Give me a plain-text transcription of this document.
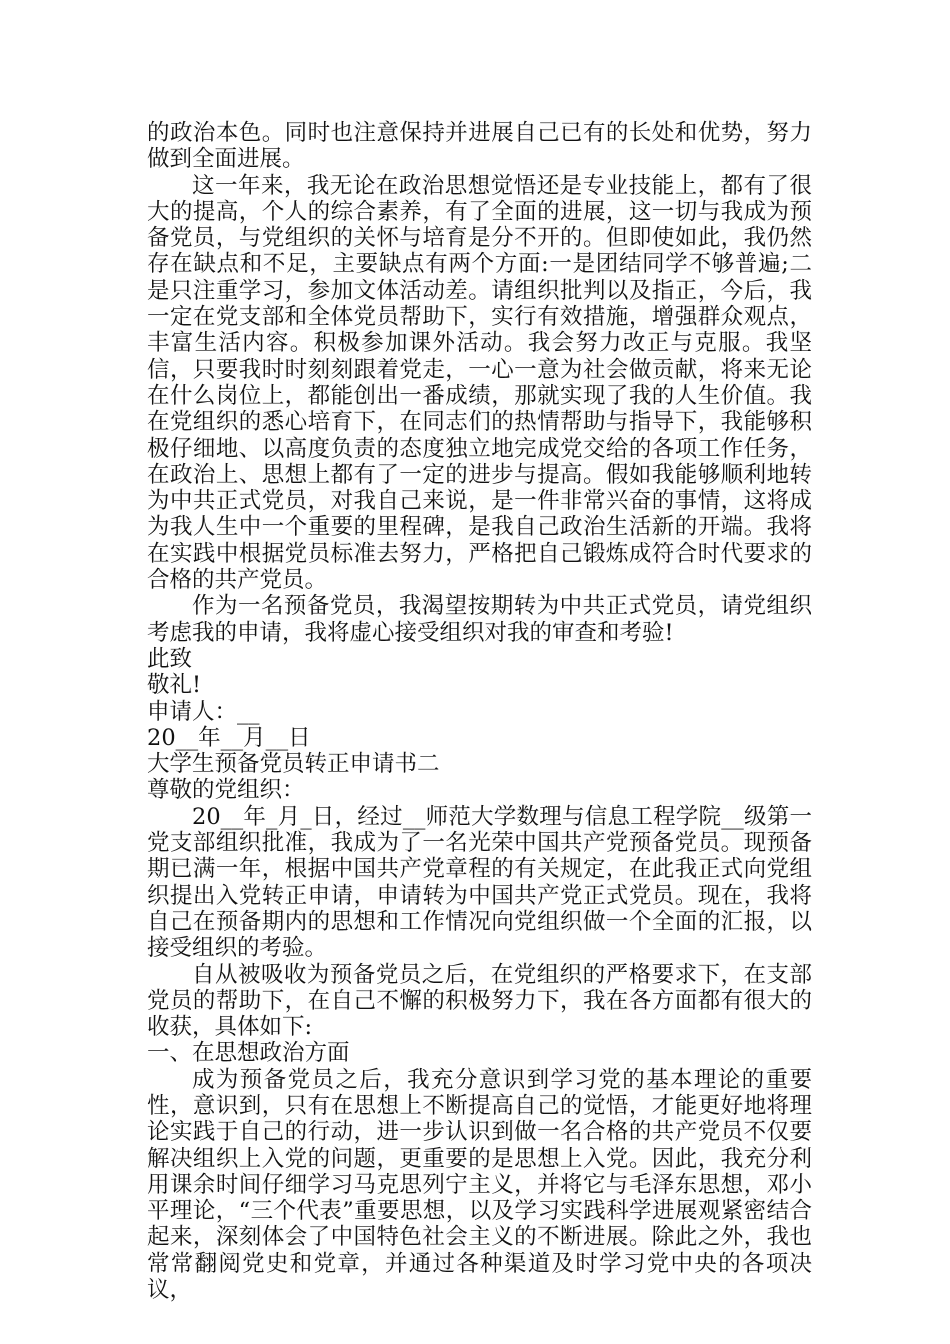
的政治本色。同时也注意保持并进展自己已有的长处和优势，努力做到全面进展。

这一年来，我无论在政治思想觉悟还是专业技能上，都有了很大的提高，个人的综合素养，有了全面的进展，这一切与我成为预备党员，与党组织的关怀与培育是分不开的。但即使如此，我仍然存在缺点和不足，主要缺点有两个方面:一是团结同学不够普遍;二是只注重学习，参加文体活动差。请组织批判以及指正，今后，我一定在党支部和全体党员帮助下，实行有效措施，增强群众观点，丰富生活内容。积极参加课外活动。我会努力改正与克服。我坚信，只要我时时刻刻跟着党走，一心一意为社会做贡献，将来无论在什么岗位上，都能创出一番成绩，那就实现了我的人生价值。我在党组织的悉心培育下，在同志们的热情帮助与指导下，我能够积极仔细地、以高度负责的态度独立地完成党交给的各项工作任务，在政治上、思想上都有了一定的进步与提高。假如我能够顺利地转为中共正式党员，对我自己来说，是一件非常兴奋的事情，这将成为我人生中一个重要的里程碑，是我自己政治生活新的开端。我将在实践中根据党员标准去努力，严格把自己锻炼成符合时代要求的合格的共产党员。

作为一名预备党员，我渴望按期转为中共正式党员，请党组织考虑我的申请，我将虚心接受组织对我的审查和考验!

此致

敬礼!

申请人：__

20__年__月__日

大学生预备党员转正申请书二

尊敬的党组织：

20__年_月_日，经过__师范大学数理与信息工程学院__级第一党支部组织批准，我成为了一名光荣中国共产党预备党员。现预备期已满一年，根据中国共产党章程的有关规定，在此我正式向党组织提出入党转正申请，申请转为中国共产党正式党员。现在，我将自己在预备期内的思想和工作情况向党组织做一个全面的汇报，以接受组织的考验。

自从被吸收为预备党员之后，在党组织的严格要求下，在支部党员的帮助下，在自己不懈的积极努力下，我在各方面都有很大的收获，具体如下:

一、在思想政治方面

成为预备党员之后，我充分意识到学习党的基本理论的重要性，意识到，只有在思想上不断提高自己的觉悟，才能更好地将理论实践于自己的行动，进一步认识到做一名合格的共产党员不仅要解决组织上入党的问题，更重要的是思想上入党。因此，我充分利用课余时间仔细学习马克思列宁主义，并将它与毛泽东思想，邓小平理论，“三个代表”重要思想，以及学习实践科学进展观紧密结合起来，深刻体会了中国特色社会主义的不断进展。除此之外，我也常常翻阅党史和党章，并通过各种渠道及时学习党中央的各项决议，
